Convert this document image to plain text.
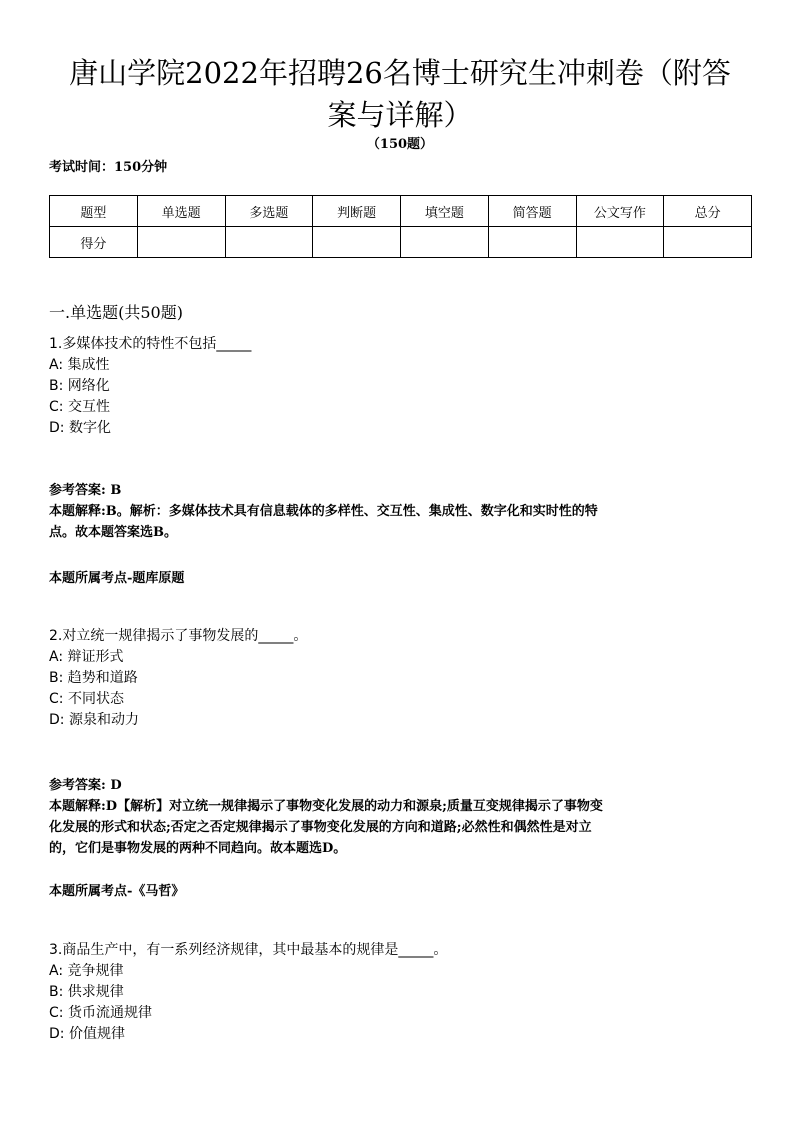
唐山学院2022年招聘26名博士研究生冲刺卷（附答
案与详解）
（150题）
考试时间：150分钟
题型	单选题	多选题	判断题	填空题	简答题	公文写作	总分
得分							
一.单选题(共50题)
1.多媒体技术的特性不包括_____
A: 集成性
B: 网络化
C: 交互性
D: 数字化
参考答案: B
本题解释:B。解析：多媒体技术具有信息载体的多样性、交互性、集成性、数字化和实时性的特
点。故本题答案选B。
本题所属考点-题库原题
2.对立统一规律揭示了事物发展的_____。
A: 辩证形式
B: 趋势和道路
C: 不同状态
D: 源泉和动力
参考答案: D
本题解释:D【解析】对立统一规律揭示了事物变化发展的动力和源泉;质量互变规律揭示了事物变
化发展的形式和状态;否定之否定规律揭示了事物变化发展的方向和道路;必然性和偶然性是对立
的，它们是事物发展的两种不同趋向。故本题选D。
本题所属考点-《马哲》
3.商品生产中，有一系列经济规律，其中最基本的规律是_____。
A: 竞争规律
B: 供求规律
C: 货币流通规律
D: 价值规律
